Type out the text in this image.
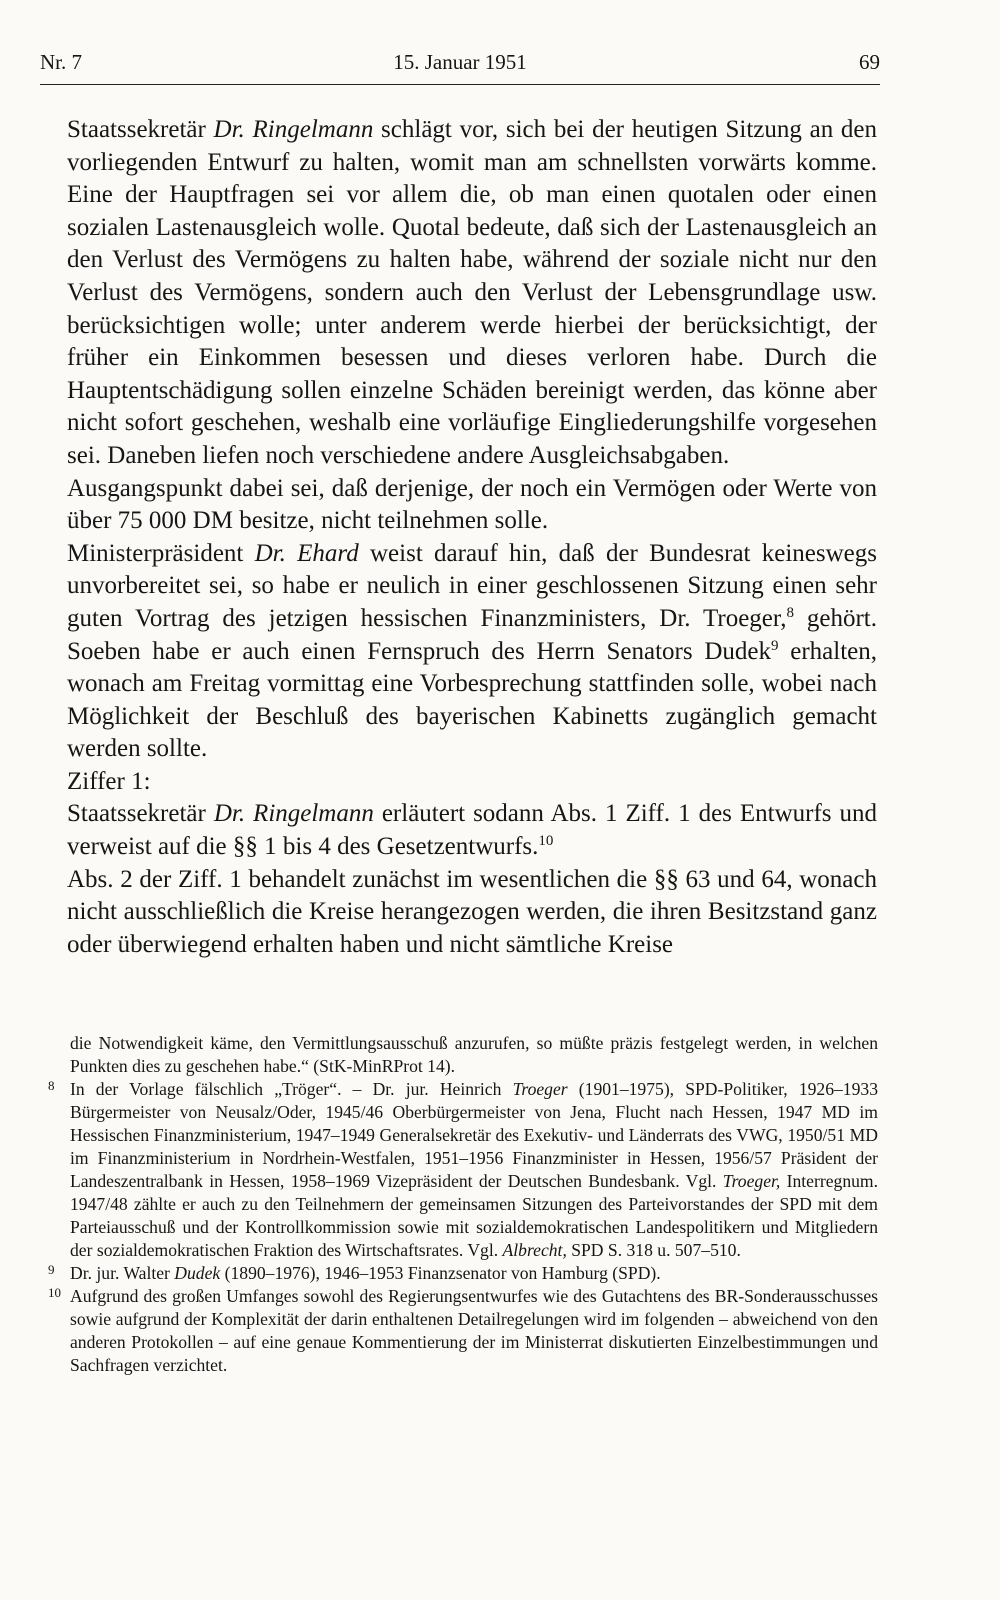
Nr. 7	15. Januar 1951	69

Staatssekretär Dr. Ringelmann schlägt vor, sich bei der heutigen Sitzung an den vorliegenden Entwurf zu halten, womit man am schnellsten vorwärts komme. Eine der Hauptfragen sei vor allem die, ob man einen quotalen oder einen sozialen Lastenausgleich wolle. Quotal bedeute, daß sich der Lastenausgleich an den Verlust des Vermögens zu halten habe, während der soziale nicht nur den Verlust des Vermögens, sondern auch den Verlust der Lebensgrundlage usw. berücksichtigen wolle; unter anderem werde hierbei der berücksichtigt, der früher ein Einkommen besessen und dieses verloren habe. Durch die Hauptentschädigung sollen einzelne Schäden bereinigt werden, das könne aber nicht sofort geschehen, weshalb eine vorläufige Eingliederungshilfe vorgesehen sei. Daneben liefen noch verschiedene andere Ausgleichsabgaben.

Ausgangspunkt dabei sei, daß derjenige, der noch ein Vermögen oder Werte von über 75 000 DM besitze, nicht teilnehmen solle.

Ministerpräsident Dr. Ehard weist darauf hin, daß der Bundesrat keineswegs unvorbereitet sei, so habe er neulich in einer geschlossenen Sitzung einen sehr guten Vortrag des jetzigen hessischen Finanzministers, Dr. Troeger,$^8$ gehört. Soeben habe er auch einen Fernspruch des Herrn Senators Dudek$^9$ erhalten, wonach am Freitag vormittag eine Vorbesprechung stattfinden solle, wobei nach Möglichkeit der Beschluß des bayerischen Kabinetts zugänglich gemacht werden sollte.

Ziffer 1:

Staatssekretär Dr. Ringelmann erläutert sodann Abs. 1 Ziff. 1 des Entwurfs und verweist auf die §§ 1 bis 4 des Gesetzentwurfs.$^{10}$

Abs. 2 der Ziff. 1 behandelt zunächst im wesentlichen die §§ 63 und 64, wonach nicht ausschließlich die Kreise herangezogen werden, die ihren Besitzstand ganz oder überwiegend erhalten haben und nicht sämtliche Kreise

die Notwendigkeit käme, den Vermittlungsausschuß anzurufen, so müßte präzis festgelegt werden, in welchen Punkten dies zu geschehen habe.“ (StK-MinRProt 14).

8 In der Vorlage fälschlich „Tröger“. – Dr. jur. Heinrich Troeger (1901–1975), SPD-Politiker, 1926–1933 Bürgermeister von Neusalz/Oder, 1945/46 Oberbürgermeister von Jena, Flucht nach Hessen, 1947 MD im Hessischen Finanzministerium, 1947–1949 Generalsekretär des Exekutiv- und Länderrats des VWG, 1950/51 MD im Finanzministerium in Nordrhein-Westfalen, 1951–1956 Finanzminister in Hessen, 1956/57 Präsident der Landeszentralbank in Hessen, 1958–1969 Vizepräsident der Deutschen Bundesbank. Vgl. Troeger, Interregnum. 1947/48 zählte er auch zu den Teilnehmern der gemeinsamen Sitzungen des Parteivorstandes der SPD mit dem Parteiausschuß und der Kontrollkommission sowie mit sozialdemokratischen Landespolitikern und Mitgliedern der sozialdemokratischen Fraktion des Wirtschaftsrates. Vgl. Albrecht, SPD S. 318 u. 507–510.

9 Dr. jur. Walter Dudek (1890–1976), 1946–1953 Finanzsenator von Hamburg (SPD).

10 Aufgrund des großen Umfanges sowohl des Regierungsentwurfes wie des Gutachtens des BR-Sonderausschusses sowie aufgrund der Komplexität der darin enthaltenen Detailregelungen wird im folgenden – abweichend von den anderen Protokollen – auf eine genaue Kommentierung der im Ministerrat diskutierten Einzelbestimmungen und Sachfragen verzichtet.
